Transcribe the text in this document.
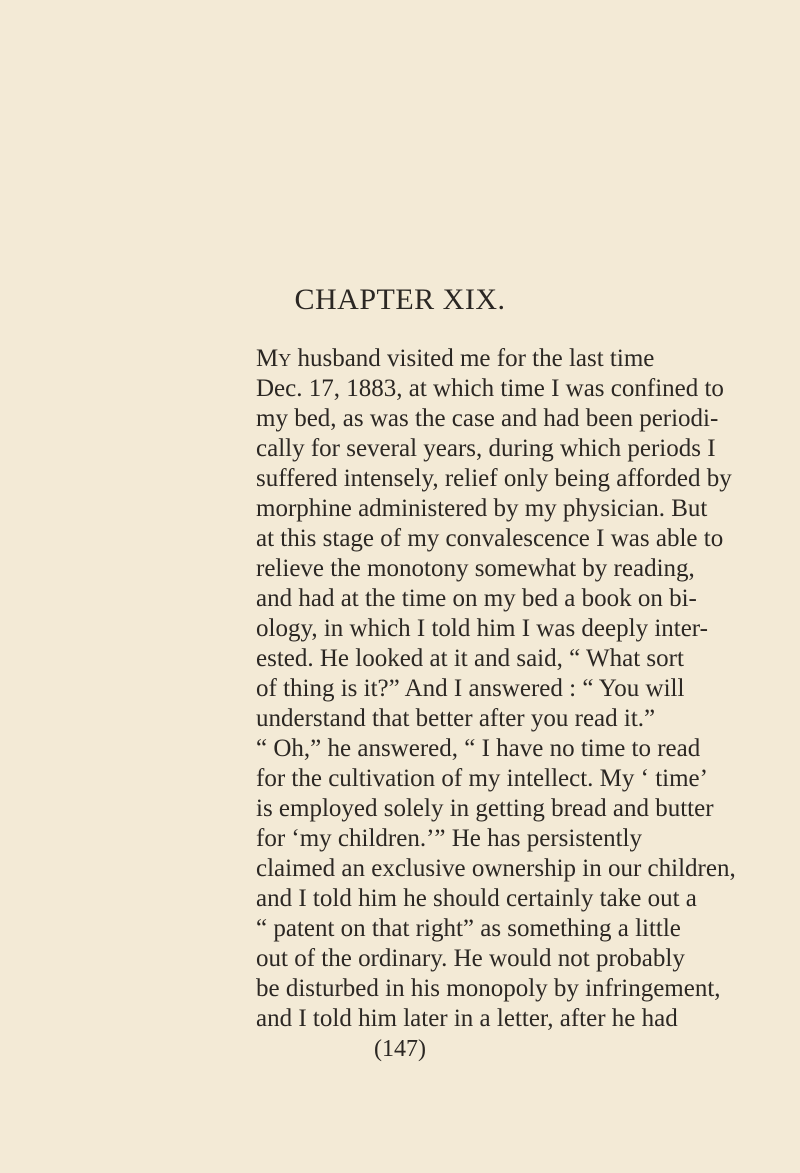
CHAPTER XIX.
My husband visited me for the last time
Dec. 17, 1883, at which time I was confined to
my bed, as was the case and had been periodi-
cally for several years, during which periods I
suffered intensely, relief only being afforded by
morphine administered by my physician. But
at this stage of my convalescence I was able to
relieve the monotony somewhat by reading,
and had at the time on my bed a book on bi-
ology, in which I told him I was deeply inter-
ested. He looked at it and said, “ What sort
of thing is it?” And I answered : “ You will
understand that better after you read it.”
“ Oh,” he answered, “ I have no time to read
for the cultivation of my intellect. My ‘ time’
is employed solely in getting bread and butter
for ‘my children.’” He has persistently
claimed an exclusive ownership in our children,
and I told him he should certainly take out a
“ patent on that right” as something a little
out of the ordinary. He would not probably
be disturbed in his monopoly by infringement,
and I told him later in a letter, after he had
(147)
